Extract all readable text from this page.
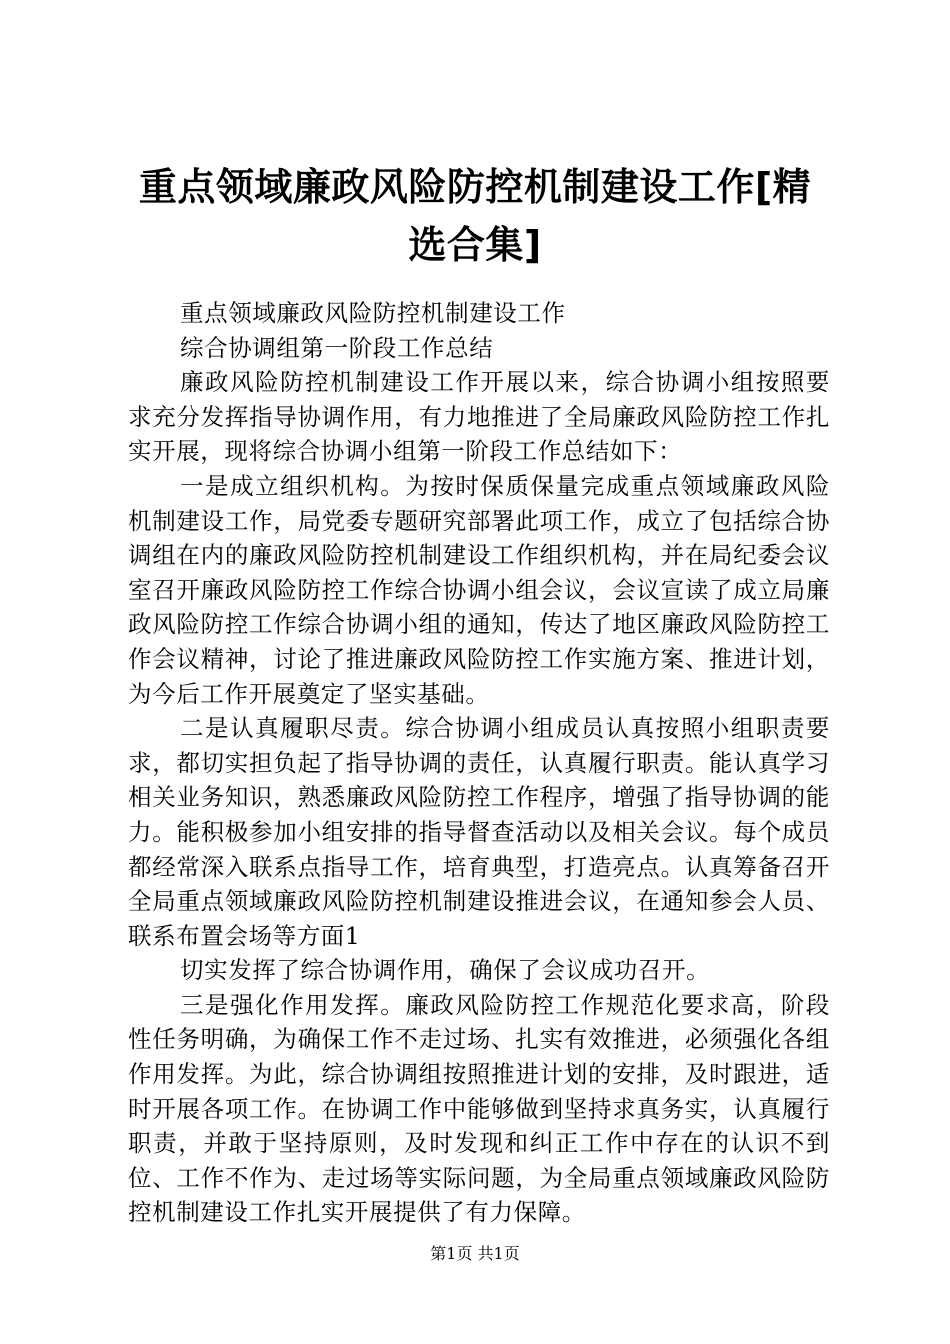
重点领域廉政风险防控机制建设工作[精选合集]

重点领域廉政风险防控机制建设工作

综合协调组第一阶段工作总结

廉政风险防控机制建设工作开展以来，综合协调小组按照要求充分发挥指导协调作用，有力地推进了全局廉政风险防控工作扎实开展，现将综合协调小组第一阶段工作总结如下：

一是成立组织机构。为按时保质保量完成重点领域廉政风险机制建设工作，局党委专题研究部署此项工作，成立了包括综合协调组在内的廉政风险防控机制建设工作组织机构，并在局纪委会议室召开廉政风险防控工作综合协调小组会议，会议宣读了成立局廉政风险防控工作综合协调小组的通知，传达了地区廉政风险防控工作会议精神，讨论了推进廉政风险防控工作实施方案、推进计划，为今后工作开展奠定了坚实基础。

二是认真履职尽责。综合协调小组成员认真按照小组职责要求，都切实担负起了指导协调的责任，认真履行职责。能认真学习相关业务知识，熟悉廉政风险防控工作程序，增强了指导协调的能力。能积极参加小组安排的指导督查活动以及相关会议。每个成员都经常深入联系点指导工作，培育典型，打造亮点。认真筹备召开全局重点领域廉政风险防控机制建设推进会议，在通知参会人员、联系布置会场等方面1

切实发挥了综合协调作用，确保了会议成功召开。

三是强化作用发挥。廉政风险防控工作规范化要求高，阶段性任务明确，为确保工作不走过场、扎实有效推进，必须强化各组作用发挥。为此，综合协调组按照推进计划的安排，及时跟进，适时开展各项工作。在协调工作中能够做到坚持求真务实，认真履行职责，并敢于坚持原则，及时发现和纠正工作中存在的认识不到位、工作不作为、走过场等实际问题，为全局重点领域廉政风险防控机制建设工作扎实开展提供了有力保障。

第1页 共1页
